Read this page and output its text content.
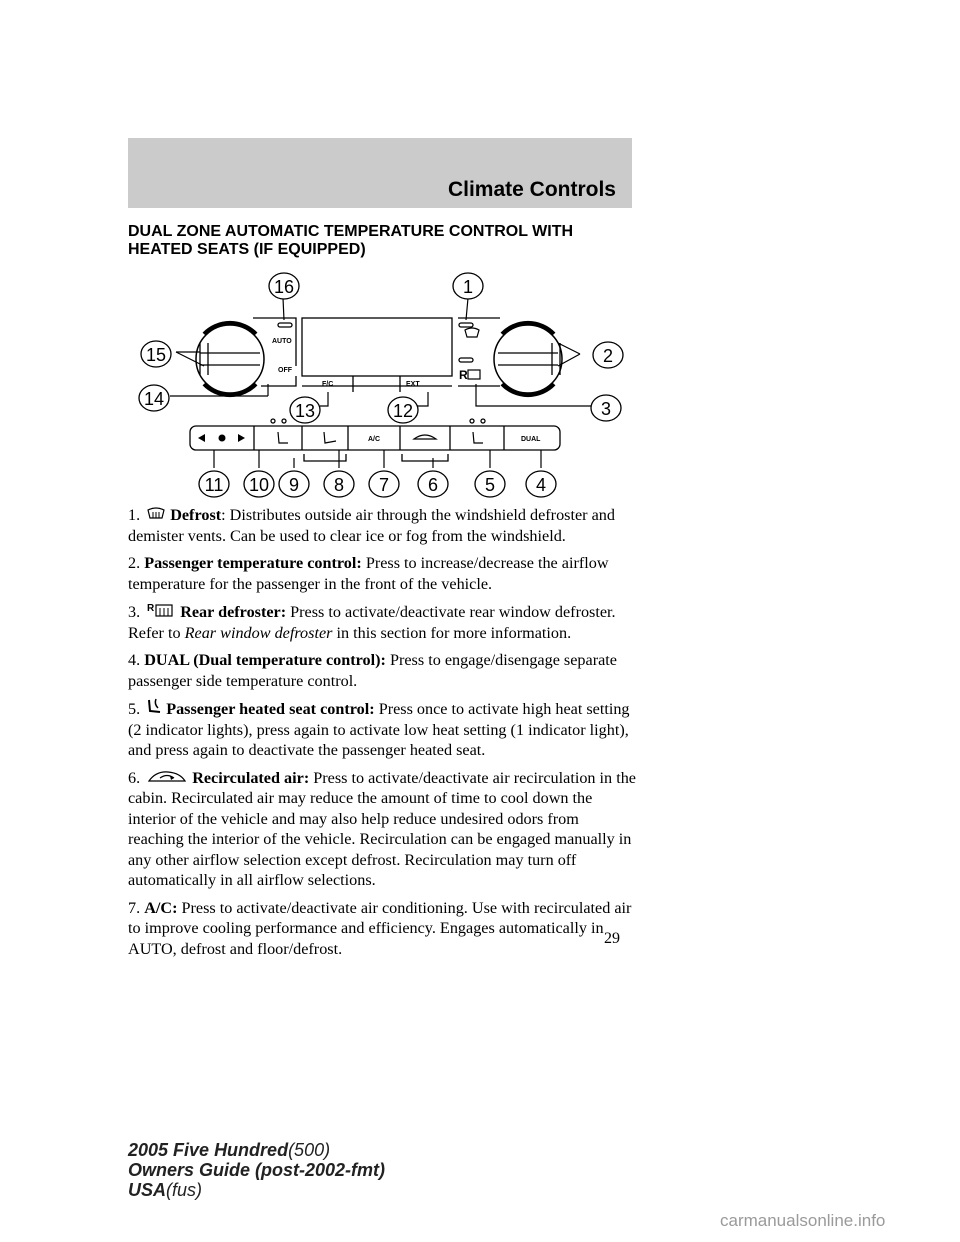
Climate Controls
DUAL ZONE AUTOMATIC TEMPERATURE CONTROL WITH
HEATED SEATS (IF EQUIPPED)
AUTO
OFF
F/C	EXT
A/C	DUAL
R
16	1
15	2
14	3
13	12
11 10 9 8 7 6	5 4

1. Defrost: Distributes outside air through the windshield defroster and demister vents. Can be used to clear ice or fog from the windshield.

2. Passenger temperature control: Press to increase/decrease the airflow temperature for the passenger in the front of the vehicle.

3. R Rear defroster: Press to activate/deactivate rear window defroster. Refer to Rear window defroster in this section for more information.

4. DUAL (Dual temperature control): Press to engage/disengage separate passenger side temperature control.

5. Passenger heated seat control: Press once to activate high heat setting (2 indicator lights), press again to activate low heat setting (1 indicator light), and press again to deactivate the passenger heated seat.

6.	Recirculated air: Press to activate/deactivate air recirculation in the cabin. Recirculated air may reduce the amount of time to cool down the interior of the vehicle and may also help reduce undesired odors from reaching the interior of the vehicle. Recirculation can be engaged manually in any other airflow selection except defrost. Recirculation may turn off automatically in all airflow selections.

7. A/C: Press to activate/deactivate air conditioning. Use with recirculated air to improve cooling performance and efficiency. Engages automatically in AUTO, defrost and floor/defrost.

29
2005 Five Hundred(500)
Owners Guide (post-2002-fmt)
USA(fus)
carmanualsonline.info
